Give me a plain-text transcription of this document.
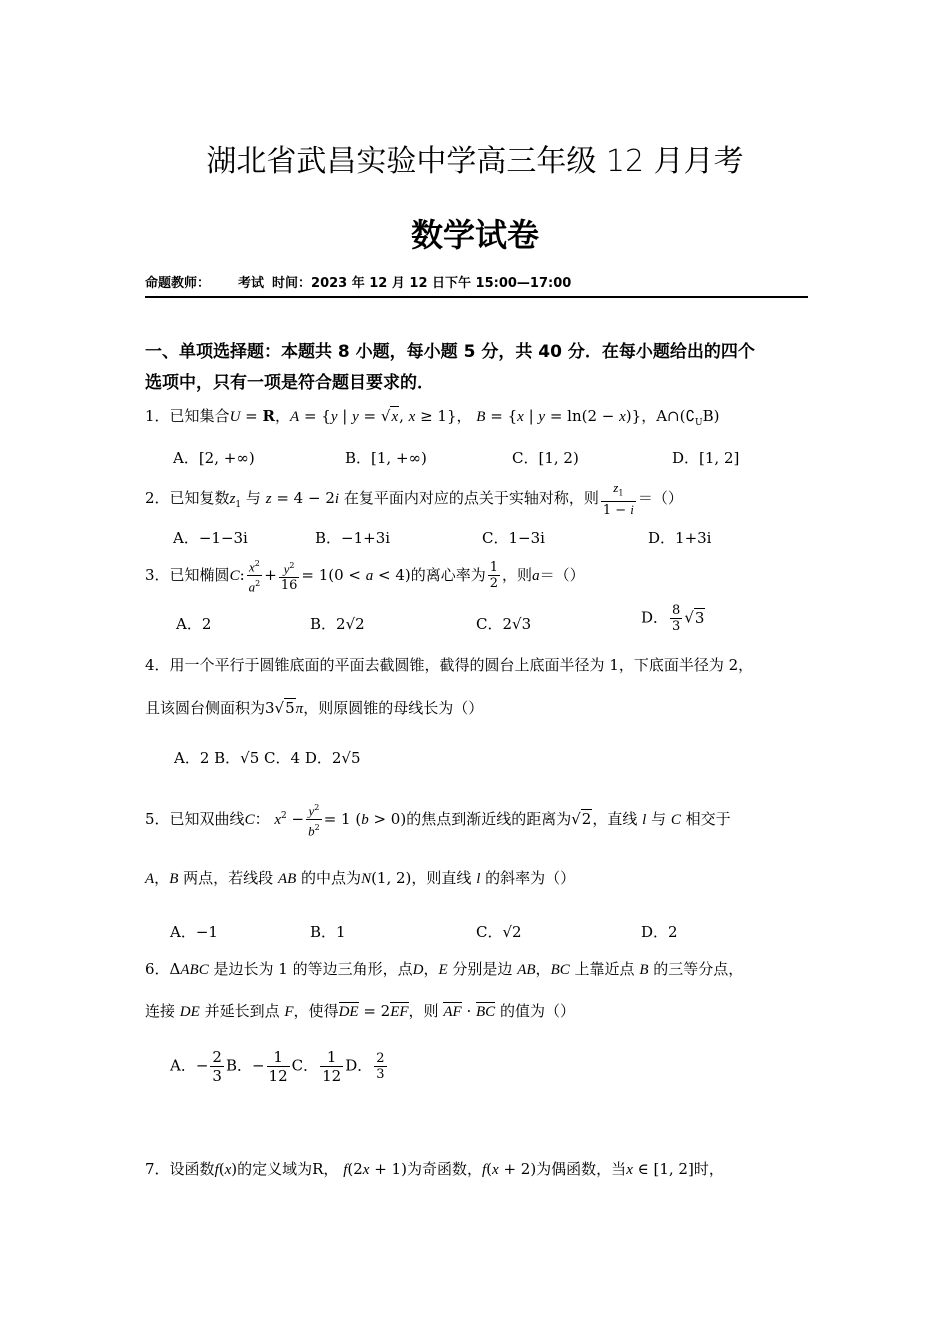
湖北省武昌实验中学高三年级 12 月月考
数学试卷
命题教师： 考试 时间：2023 年 12 月 12 日下午 15:00—17:00
一、单项选择题：本题共 8 小题，每小题 5 分，共 40 分．在每小题给出的四个
选项中，只有一项是符合题目要求的．
1．已知集合U = R，A = {y | y = √x, x ≥ 1}， B = {x | y = ln(2 − x)}，$A\cap(∁_UB)$
A．[2, +∞)	B．[1, +∞)	C．[1, 2)	D．[1, 2]
2．已知复数$z_1$ 与 z = 4 − 2i 在复平面内对应的点关于实轴对称，则 $\frac{z_1}{1 - i}$ ＝（）
A．−1−3i	B．−1+3i	C．1−3i	D．1+3i
3．已知椭圆C: $\frac{x^2}{a^2} + \frac{y^2}{16} = 1(0 < a < 4)$的离心率为 $\frac{1}{2}$ ，则a＝（）
A．2	B．2√2	C．2√3	D． $\frac{8}{3} √3$
4．用一个平行于圆锥底面的平面去截圆锥，截得的圆台上底面半径为 1，下底面半径为 2，
且该圆台侧面积为3√5π，则原圆锥的母线长为（）
A．2 B．√5 C．4 D．2√5
5．已知双曲线C： $x^2 - \frac{y^2}{b^2} = 1$ (b > 0)的焦点到渐近线的距离为√2，直线 l 与 C 相交于
A，B 两点，若线段 AB 的中点为N(1, 2)，则直线 l 的斜率为（）
A．−1	B．1	C．√2	D．2
6．ΔABC 是边长为 1 的等边三角形，点D，E 分别是边 AB，BC 上靠近点 B 的三等分点，
连接 DE 并延长到点 F，使得DE = 2EF，则 AF · BC 的值为（）
A．− $\frac{2}{3}$ B．− $\frac{1}{12}$ C． $\frac{1}{12}$ D． $\frac{2}{3}$
7．设函数f(x)的定义域为R， f(2x + 1)为奇函数，f(x + 2)为偶函数，当x ∈ [1, 2]时，
